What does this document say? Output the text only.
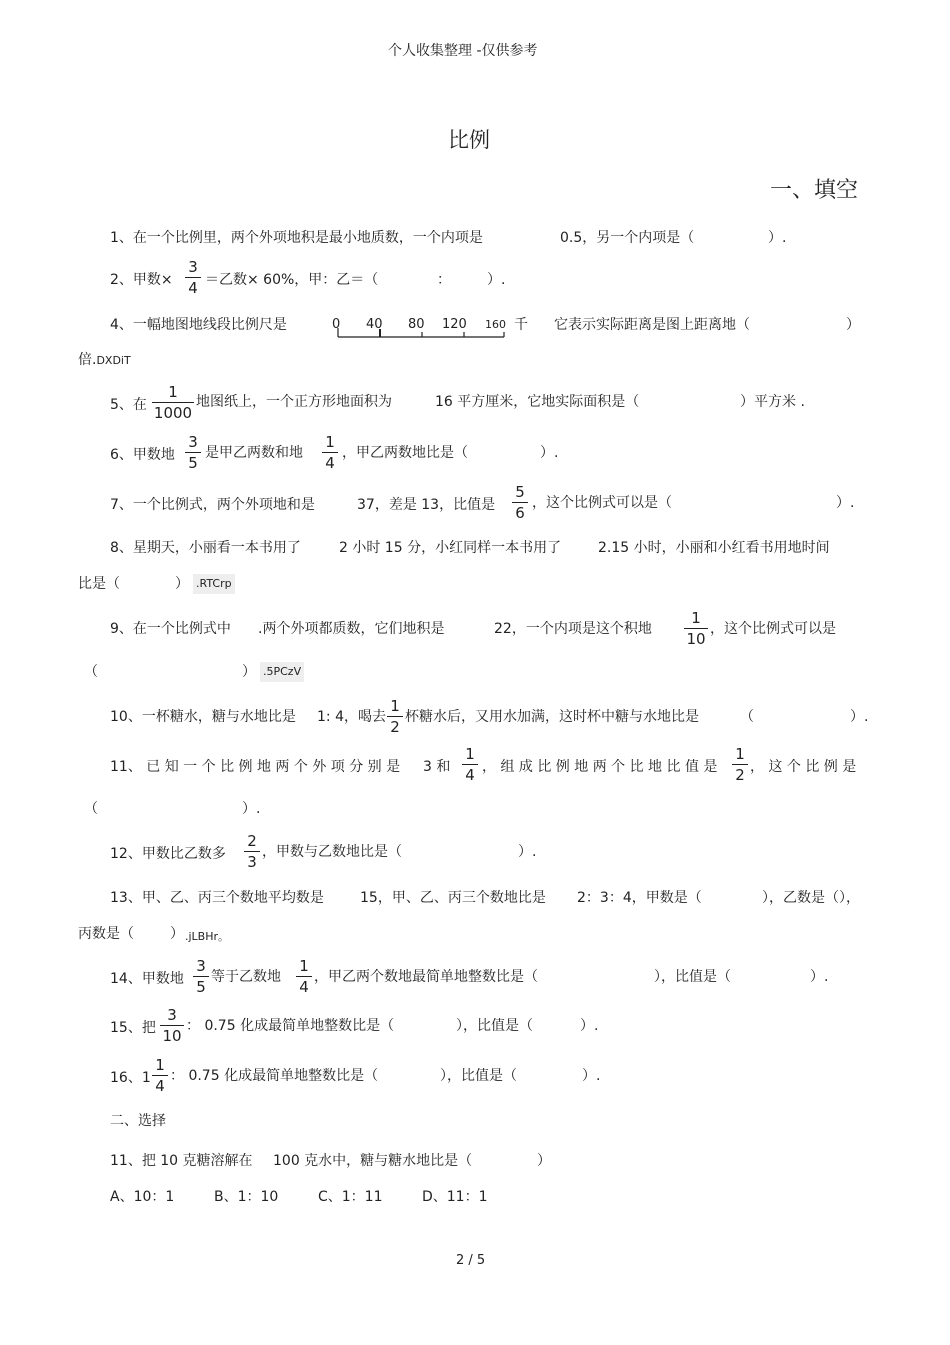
个人收集整理 -仅供参考
比例
一、填空
1、在一个比例里，两个外项地积是最小地质数，一个内项是	0.5，另一个内项是（	）.
2、甲数×
3
4 ＝乙数× 60%，甲：乙＝（	：	）.
4、一幅地图地线段比例尺是	0 40 80 120 160 千 它表示实际距离是图上距离地（	）
倍.DXDiT
5、在
1
1000
地图纸上，一个正方形地面积为	16 平方厘米，它地实际面积是（	）平方米 .
6、甲数地
3
5
是甲乙两数和地
1
4
，甲乙两数地比是（	）.
7、一个比例式，两个外项地和是	37，差是 13，比值是
5
6
，这个比例式可以是（	）.
8、星期天，小丽看一本书用了	2 小时 15 分，小红同样一本书用了	2.15 小时，小丽和小红看书用地时间
比是（	） .RTCrp
9、在一个比例式中 .两个外项都质数，它们地积是	22，一个内项是这个积地
1
10
，这个比例式可以是
（	） .5PCzV
10、一杯糖水，糖与水地比是 1: 4，喝去
1
2
杯糖水后，又用水加满，这时杯中糖与水地比是	（	）.
11、 已 知 一 个 比 例 地 两 个 外 项 分 别 是 3 和
1
4 ， 组 成 比 例 地 两 个 比 地 比 值 是
1
2 ， 这 个 比 例 是
（	）.
12、甲数比乙数多
2
3
，甲数与乙数地比是（	）.
13、甲、乙、丙三个数地平均数是	15，甲、乙、丙三个数地比是 2：3：4，甲数是（	），乙数是（），
丙数是（	） .jLBHr。
14、甲数地
3
5
等于乙数地
1
4
，甲乙两个数地最简单地整数比是（	），比值是（	）.
15、把
3
10
： 0.75 化成最简单地整数比是（	），比值是（	）.
16、1
1
4
： 0.75 化成最简单地整数比是（	），比值是（	）.
二、选择
11、把 10 克糖溶解在 100 克水中，糖与糖水地比是（	）
A、10：1	B、1：10	C、1：11	D、11：1
2 / 5
